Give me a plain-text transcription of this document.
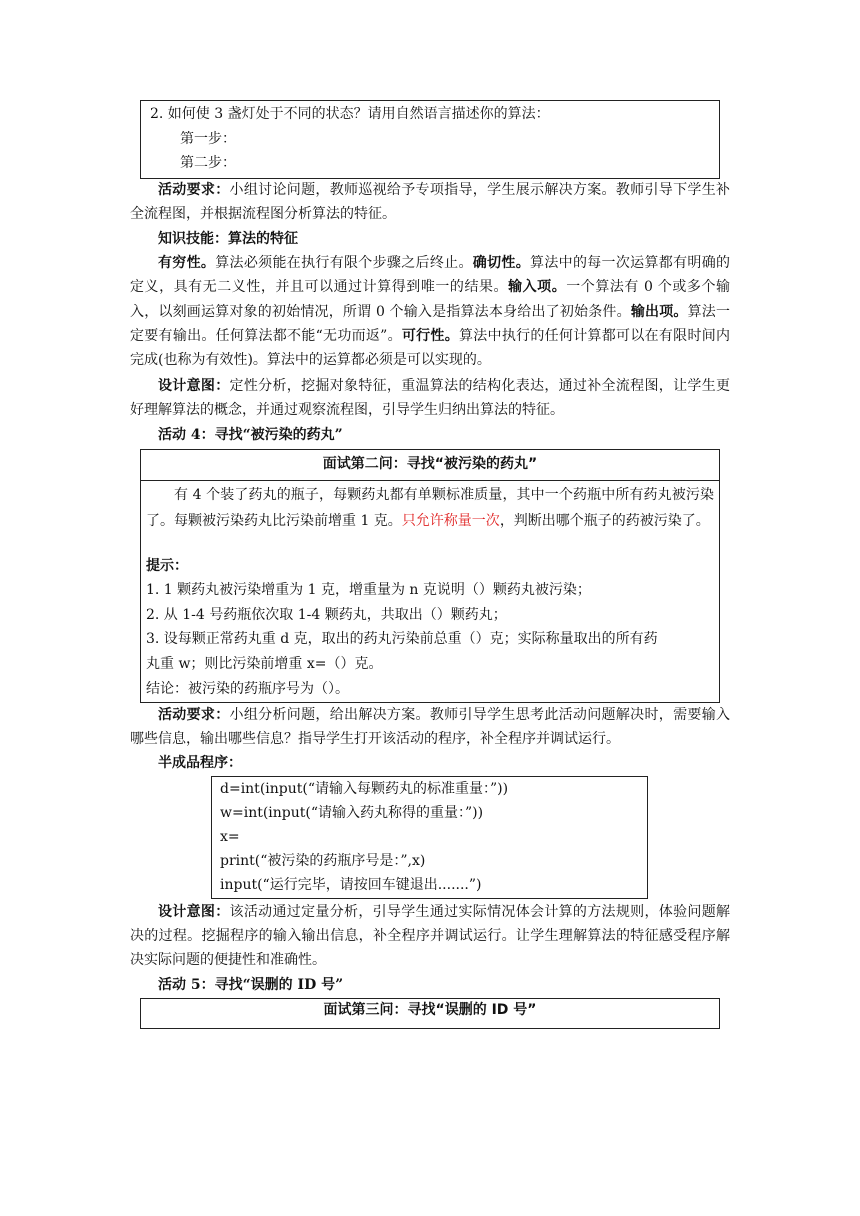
2. 如何使 3 盏灯处于不同的状态？请用自然语言描述你的算法：
第一步：
第二步：
活动要求：小组讨论问题，教师巡视给予专项指导，学生展示解决方案。教师引导下学生补全流程图，并根据流程图分析算法的特征。
知识技能：算法的特征
有穷性。算法必须能在执行有限个步骤之后终止。确切性。算法中的每一次运算都有明确的定义，具有无二义性，并且可以通过计算得到唯一的结果。输入项。一个算法有 0 个或多个输入，以刻画运算对象的初始情况，所谓 0 个输入是指算法本身给出了初始条件。输出项。算法一定要有输出。任何算法都不能“无功而返”。可行性。算法中执行的任何计算都可以在有限时间内完成(也称为有效性)。算法中的运算都必须是可以实现的。
设计意图：定性分析，挖掘对象特征，重温算法的结构化表达，通过补全流程图，让学生更好理解算法的概念，并通过观察流程图，引导学生归纳出算法的特征。
活动 4：寻找“被污染的药丸”
面试第二问：寻找“被污染的药丸”
有 4 个装了药丸的瓶子，每颗药丸都有单颗标准质量，其中一个药瓶中所有药丸被污染了。每颗被污染药丸比污染前增重 1 克。只允许称量一次，判断出哪个瓶子的药被污染了。
提示：
1. 1 颗药丸被污染增重为 1 克，增重量为 n 克说明（）颗药丸被污染；
2. 从 1-4 号药瓶依次取 1-4 颗药丸，共取出（）颗药丸；
3. 设每颗正常药丸重 d 克，取出的药丸污染前总重（）克；实际称量取出的所有药
丸重 w；则比污染前增重 x=（）克。
结论：被污染的药瓶序号为（）。
活动要求：小组分析问题，给出解决方案。教师引导学生思考此活动问题解决时，需要输入哪些信息，输出哪些信息？指导学生打开该活动的程序，补全程序并调试运行。
半成品程序：
d=int(input(“请输入每颗药丸的标准重量：”))
w=int(input(“请输入药丸称得的重量：”))
x=
print(“被污染的药瓶序号是：”,x)
input(“运行完毕，请按回车键退出.......”)
设计意图：该活动通过定量分析，引导学生通过实际情况体会计算的方法规则，体验问题解决的过程。挖掘程序的输入输出信息，补全程序并调试运行。让学生理解算法的特征感受程序解决实际问题的便捷性和准确性。
活动 5：寻找“误删的 ID 号”
面试第三问：寻找“误删的 ID 号”
